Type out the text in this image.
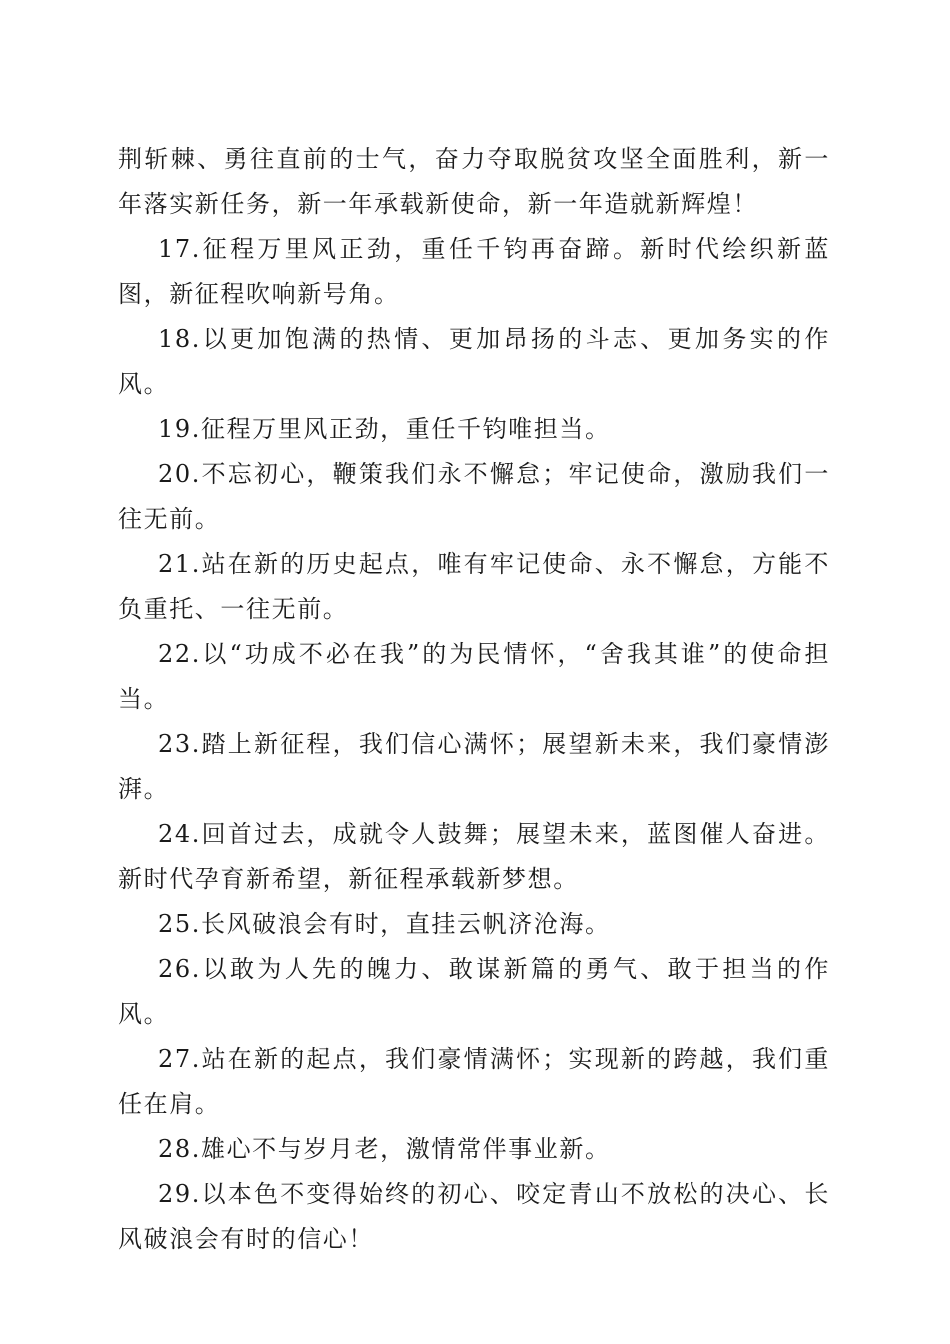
荆斩棘、勇往直前的士气，奋力夺取脱贫攻坚全面胜利，新一年落实新任务，新一年承载新使命，新一年造就新辉煌！

17.征程万里风正劲，重任千钧再奋蹄。新时代绘织新蓝图，新征程吹响新号角。

18.以更加饱满的热情、更加昂扬的斗志、更加务实的作风。

19.征程万里风正劲，重任千钧唯担当。

20.不忘初心，鞭策我们永不懈怠；牢记使命，激励我们一往无前。

21.站在新的历史起点，唯有牢记使命、永不懈怠，方能不负重托、一往无前。

22.以“功成不必在我”的为民情怀，“舍我其谁”的使命担当。

23.踏上新征程，我们信心满怀；展望新未来，我们豪情澎湃。

24.回首过去，成就令人鼓舞；展望未来，蓝图催人奋进。新时代孕育新希望，新征程承载新梦想。

25.长风破浪会有时，直挂云帆济沧海。

26.以敢为人先的魄力、敢谋新篇的勇气、敢于担当的作风。

27.站在新的起点，我们豪情满怀；实现新的跨越，我们重任在肩。

28.雄心不与岁月老，激情常伴事业新。

29.以本色不变得始终的初心、咬定青山不放松的决心、长风破浪会有时的信心！
